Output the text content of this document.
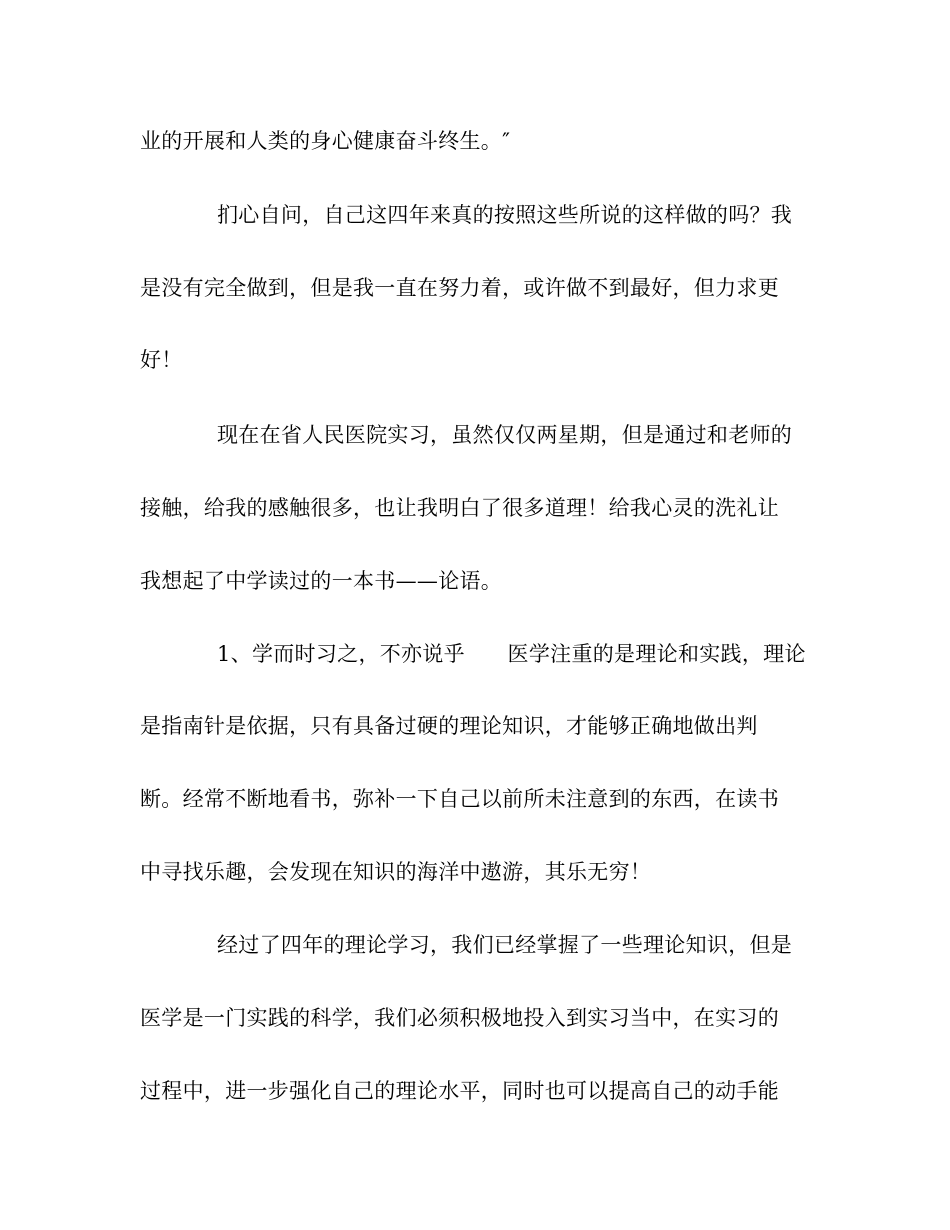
业的开展和人类的身心健康奋斗终生。″
扪心自问，自己这四年来真的按照这些所说的这样做的吗？我
是没有完全做到，但是我一直在努力着，或许做不到最好，但力求更
好！
现在在省人民医院实习，虽然仅仅两星期，但是通过和老师的
接触，给我的感触很多，也让我明白了很多道理！给我心灵的洗礼让
我想起了中学读过的一本书——论语。
1、学而时习之，不亦说乎　　医学注重的是理论和实践，理论
是指南针是依据，只有具备过硬的理论知识，才能够正确地做出判
断。经常不断地看书，弥补一下自己以前所未注意到的东西，在读书
中寻找乐趣，会发现在知识的海洋中遨游，其乐无穷！
经过了四年的理论学习，我们已经掌握了一些理论知识，但是
医学是一门实践的科学，我们必须积极地投入到实习当中，在实习的
过程中，进一步强化自己的理论水平，同时也可以提高自己的动手能
